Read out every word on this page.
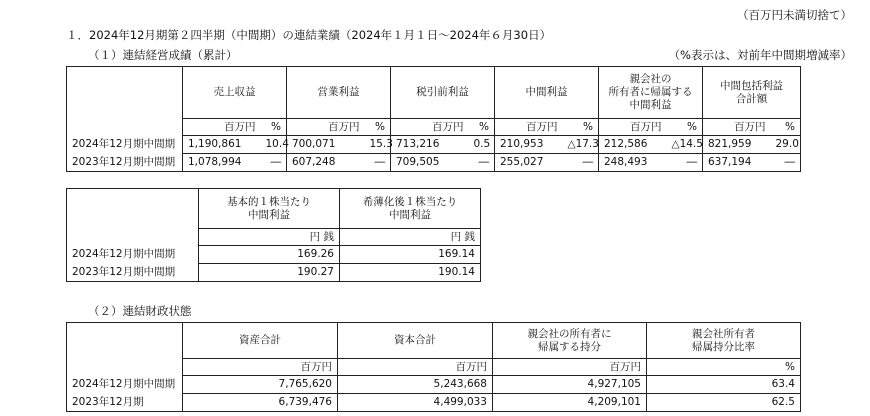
（百万円未満切捨て）
１．2024年12月期第２四半期（中間期）の連結業績（2024年１月１日～2024年６月30日）
（１）連結経営成績（累計）	（%表示は、対前年中間期増減率）
	売上収益		営業利益		税引前利益		中間利益		親会社の
所有者に帰属する
中間利益		中間包括利益
合計額	
	百万円	%	百万円	%	百万円	%	百万円	%	百万円	%	百万円	%
2024年12月期中間期	1,190,861	10.4	700,071	15.3	713,216	0.5	210,953	△17.3	212,586	△14.5	821,959	29.0
2023年12月期中間期	1,078,994	―	607,248	―	709,505	―	255,027	―	248,493	―	637,194	―
	基本的１株当たり
中間利益	希薄化後１株当たり
中間利益
	円 銭	円 銭
2024年12月期中間期	169.26	169.14
2023年12月期中間期	190.27	190.14
（２）連結財政状態
	資産合計	資本合計	親会社の所有者に
帰属する持分	親会社所有者
帰属持分比率
	百万円	百万円	百万円	%
2024年12月期中間期	7,765,620	5,243,668	4,927,105	63.4
2023年12月期	6,739,476	4,499,033	4,209,101	62.5
